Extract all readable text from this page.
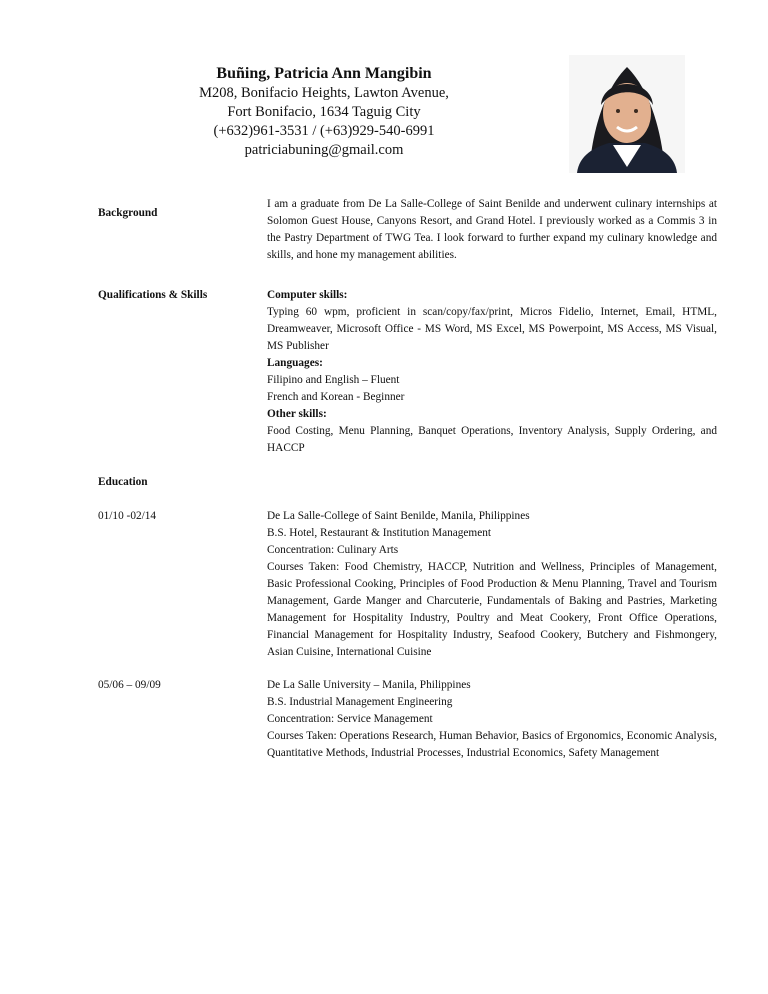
Buñing, Patricia Ann Mangibin
M208, Bonifacio Heights, Lawton Avenue,
Fort Bonifacio, 1634 Taguig City
(+632)961-3531 / (+63)929-540-6991
patriciabuning@gmail.com
Background
I am a graduate from De La Salle-College of Saint Benilde and underwent culinary internships at Solomon Guest House, Canyons Resort, and Grand Hotel. I previously worked as a Commis 3 in the Pastry Department of TWG Tea. I look forward to further expand my culinary knowledge and skills, and hone my management abilities.
Qualifications & Skills	Computer skills:

Typing 60 wpm, proficient in scan/copy/fax/print, Micros Fidelio, Internet, Email, HTML, Dreamweaver, Microsoft Office - MS Word, MS Excel, MS Powerpoint, MS Access, MS Visual, MS Publisher

Languages:

Filipino and English – Fluent

French and Korean - Beginner

Other skills:

Food Costing, Menu Planning, Banquet Operations, Inventory Analysis, Supply Ordering, and HACCP

Education
01/10 -02/14	De La Salle-College of Saint Benilde, Manila, Philippines

B.S. Hotel, Restaurant & Institution Management

Concentration: Culinary Arts

Courses Taken: Food Chemistry, HACCP, Nutrition and Wellness, Principles of Management, Basic Professional Cooking, Principles of Food Production & Menu Planning, Travel and Tourism Management, Garde Manger and Charcuterie, Fundamentals of Baking and Pastries, Marketing Management for Hospitality Industry, Poultry and Meat Cookery, Front Office Operations, Financial Management for Hospitality Industry, Seafood Cookery, Butchery and Fishmongery, Asian Cuisine, International Cuisine

05/06 – 09/09	De La Salle University – Manila, Philippines

B.S. Industrial Management Engineering

Concentration: Service Management

Courses Taken: Operations Research, Human Behavior, Basics of Ergonomics, Economic Analysis, Quantitative Methods, Industrial Processes, Industrial Economics, Safety Management
